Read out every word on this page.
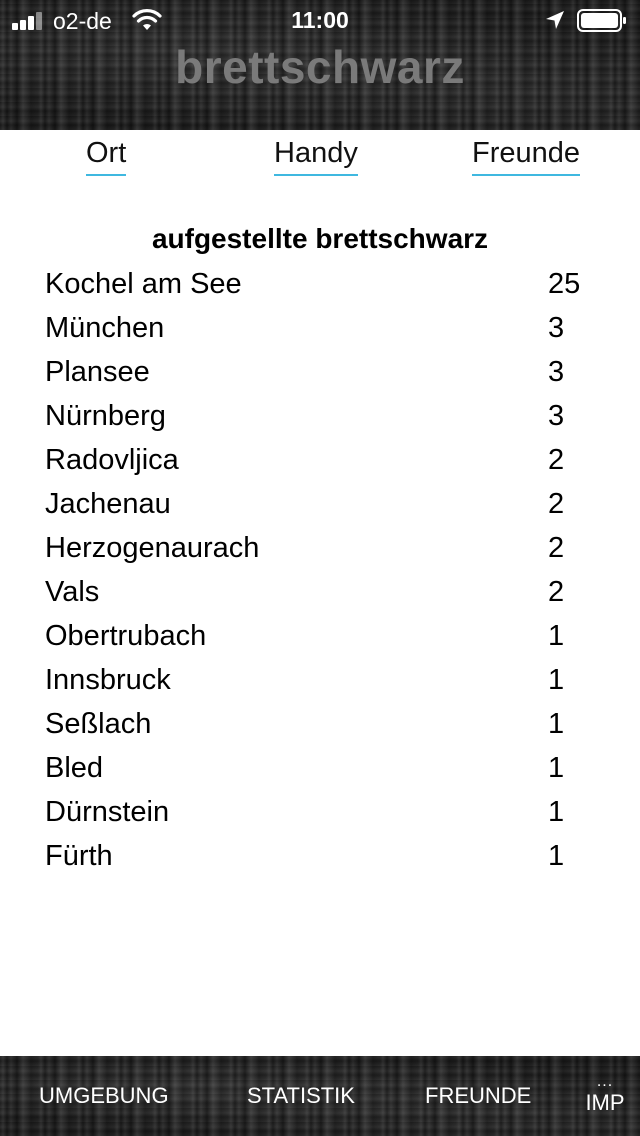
o2-de	11:00
brettschwarz
Ort	Handy	Freunde
aufgestellte brettschwarz
Kochel am See	25
München	3
Plansee	3
Nürnberg	3
Radovljica	2
Jachenau	2
Herzogenaurach	2
Vals	2
Obertrubach	1
Innsbruck	1
Seßlach	1
Bled	1
Dürnstein	1
Fürth	1
UMGEBUNG	STATISTIK	FREUNDE
...
IMP
